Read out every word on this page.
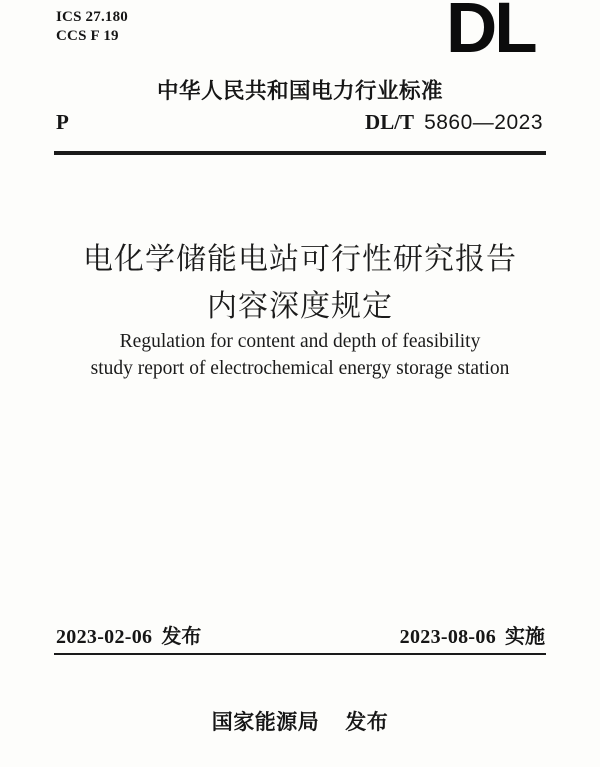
ICS 27.180
CCS F 19	DL
中华人民共和国电力行业标准
P	DL/T 5860—2023
电化学储能电站可行性研究报告
内容深度规定
Regulation for content and depth of feasibility
study report of electrochemical energy storage station
2023-02-06 发布	2023-08-06 实施
国家能源局 发布
